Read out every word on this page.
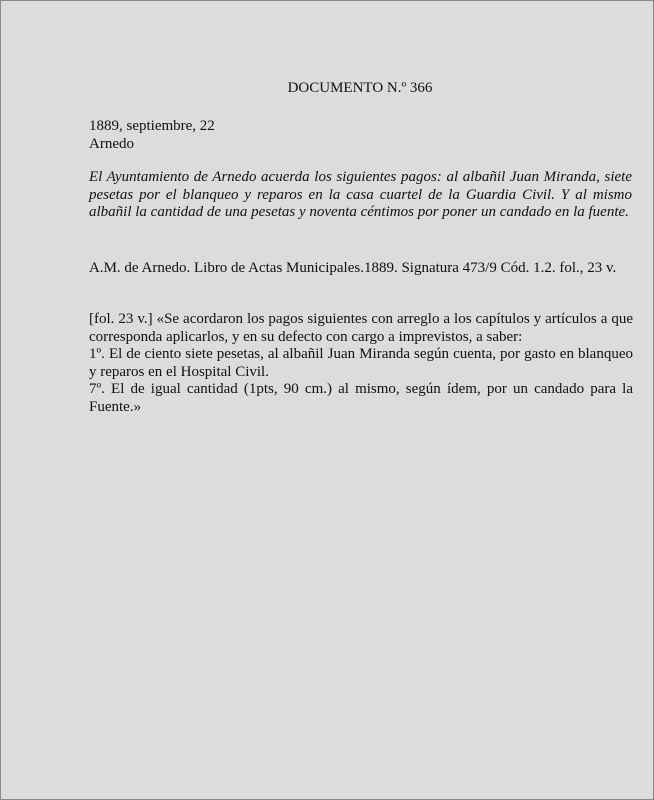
DOCUMENTO N.º 366
1889, septiembre, 22
Arnedo

El Ayuntamiento de Arnedo acuerda los siguientes pagos: al albañil Juan Miranda, siete pesetas por el blanqueo y reparos en la casa cuartel de la Guardia Civil. Y al mismo albañil la cantidad de una pesetas y noventa céntimos por poner un candado en la fuente.

A.M. de Arnedo. Libro de Actas Municipales.1889. Signatura 473/9 Cód. 1.2. fol., 23 v.

[fol. 23 v.] «Se acordaron los pagos siguientes con arreglo a los capítulos y artículos a que corresponda aplicarlos, y en su defecto con cargo a imprevistos, a saber:
1º. El de ciento siete pesetas, al albañil Juan Miranda según cuenta, por gasto en blanqueo y reparos en el Hospital Civil.
7º. El de igual cantidad (1pts, 90 cm.) al mismo, según ídem, por un candado para la Fuente.»
